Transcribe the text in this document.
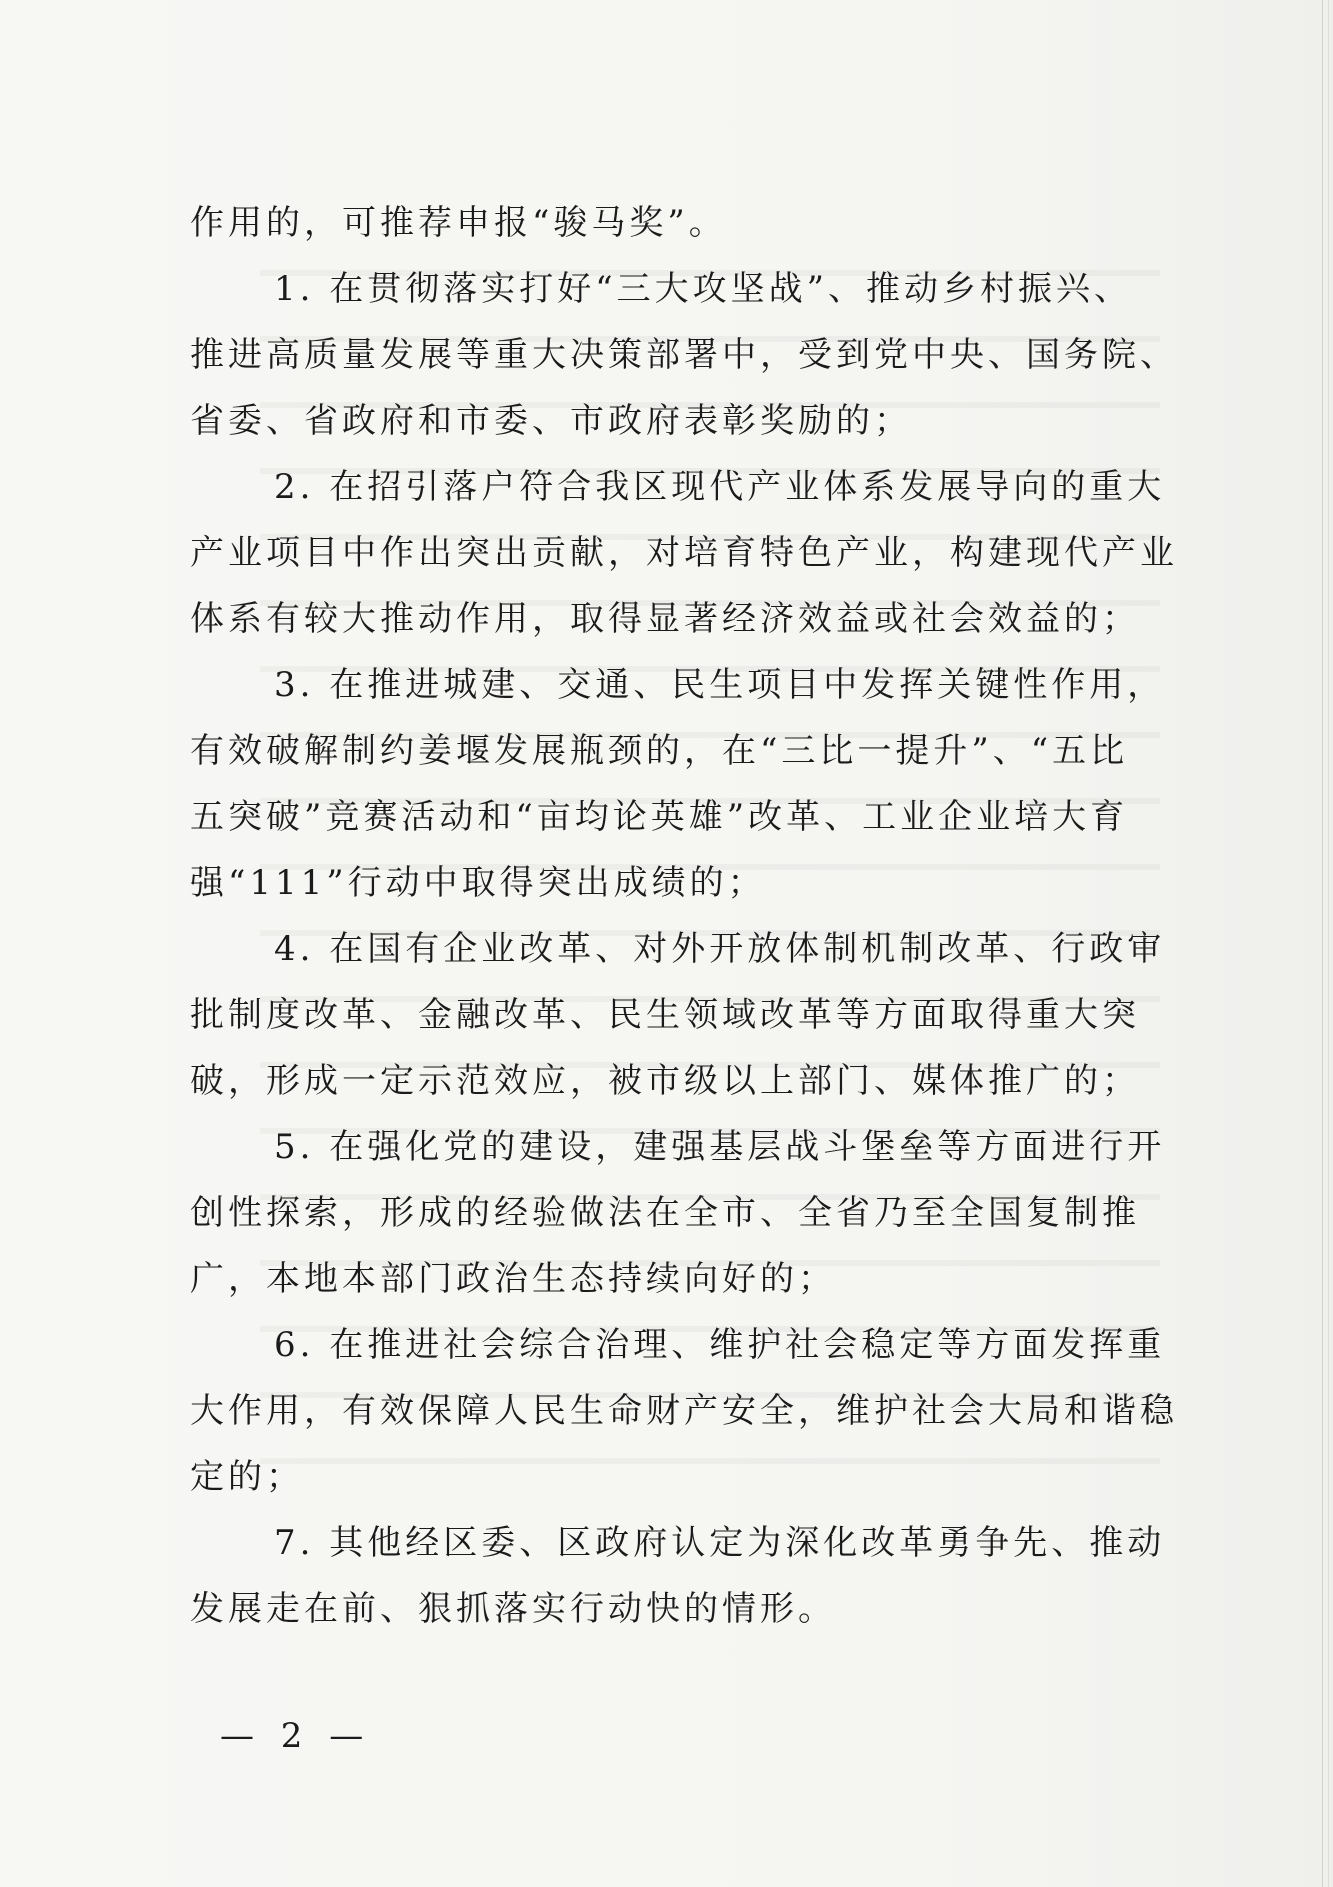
作用的，可推荐申报“骏马奖”。
1. 在贯彻落实打好“三大攻坚战”、推动乡村振兴、
推进高质量发展等重大决策部署中，受到党中央、国务院、
省委、省政府和市委、市政府表彰奖励的；
2. 在招引落户符合我区现代产业体系发展导向的重大
产业项目中作出突出贡献，对培育特色产业，构建现代产业
体系有较大推动作用，取得显著经济效益或社会效益的；
3. 在推进城建、交通、民生项目中发挥关键性作用，
有效破解制约姜堰发展瓶颈的，在“三比一提升”、“五比
五突破”竞赛活动和“亩均论英雄”改革、工业企业培大育
强“111”行动中取得突出成绩的；
4. 在国有企业改革、对外开放体制机制改革、行政审
批制度改革、金融改革、民生领域改革等方面取得重大突
破，形成一定示范效应，被市级以上部门、媒体推广的；
5. 在强化党的建设，建强基层战斗堡垒等方面进行开
创性探索，形成的经验做法在全市、全省乃至全国复制推
广，本地本部门政治生态持续向好的；
6. 在推进社会综合治理、维护社会稳定等方面发挥重
大作用，有效保障人民生命财产安全，维护社会大局和谐稳
定的；
7. 其他经区委、区政府认定为深化改革勇争先、推动
发展走在前、狠抓落实行动快的情形。
— 2 —
